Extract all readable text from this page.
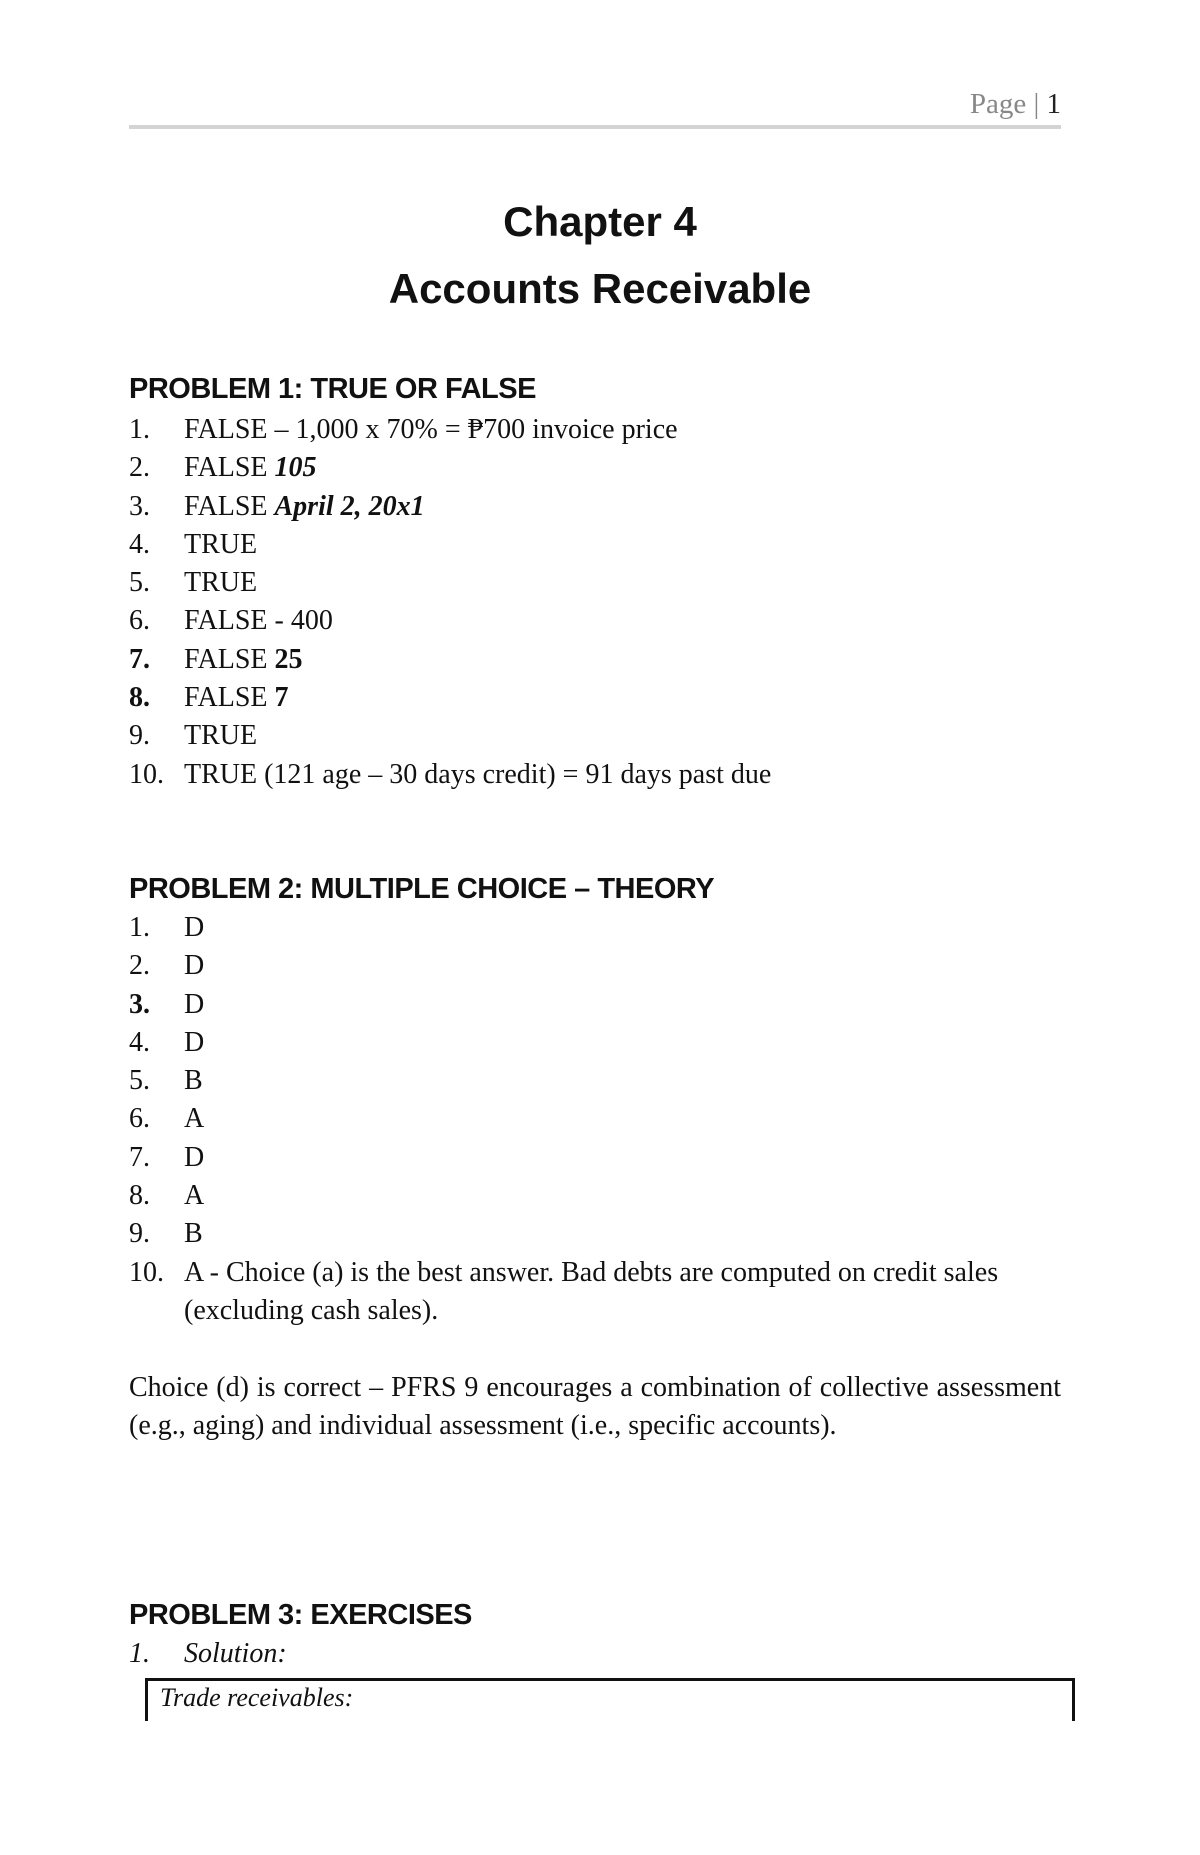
Page | 1
Chapter 4
Accounts Receivable
PROBLEM 1: TRUE OR FALSE
1.	FALSE – 1,000 x 70% = ₱700 invoice price
2.	FALSE 105
3.	FALSE April 2, 20x1
4.	TRUE
5.	TRUE
6.	FALSE - 400
7.	FALSE 25
8.	FALSE 7
9.	TRUE
10. TRUE (121 age – 30 days credit) = 91 days past due
PROBLEM 2: MULTIPLE CHOICE – THEORY
1.	D
2.	D
3.	D
4.	D
5.	B
6.	A
7.	D
8.	A
9.	B
10. A - Choice (a) is the best answer. Bad debts are computed on credit sales (excluding cash sales).
Choice (d) is correct – PFRS 9 encourages a combination of collective assessment (e.g., aging) and individual assessment (i.e., specific accounts).
PROBLEM 3: EXERCISES
1.	Solution:
Trade receivables:
